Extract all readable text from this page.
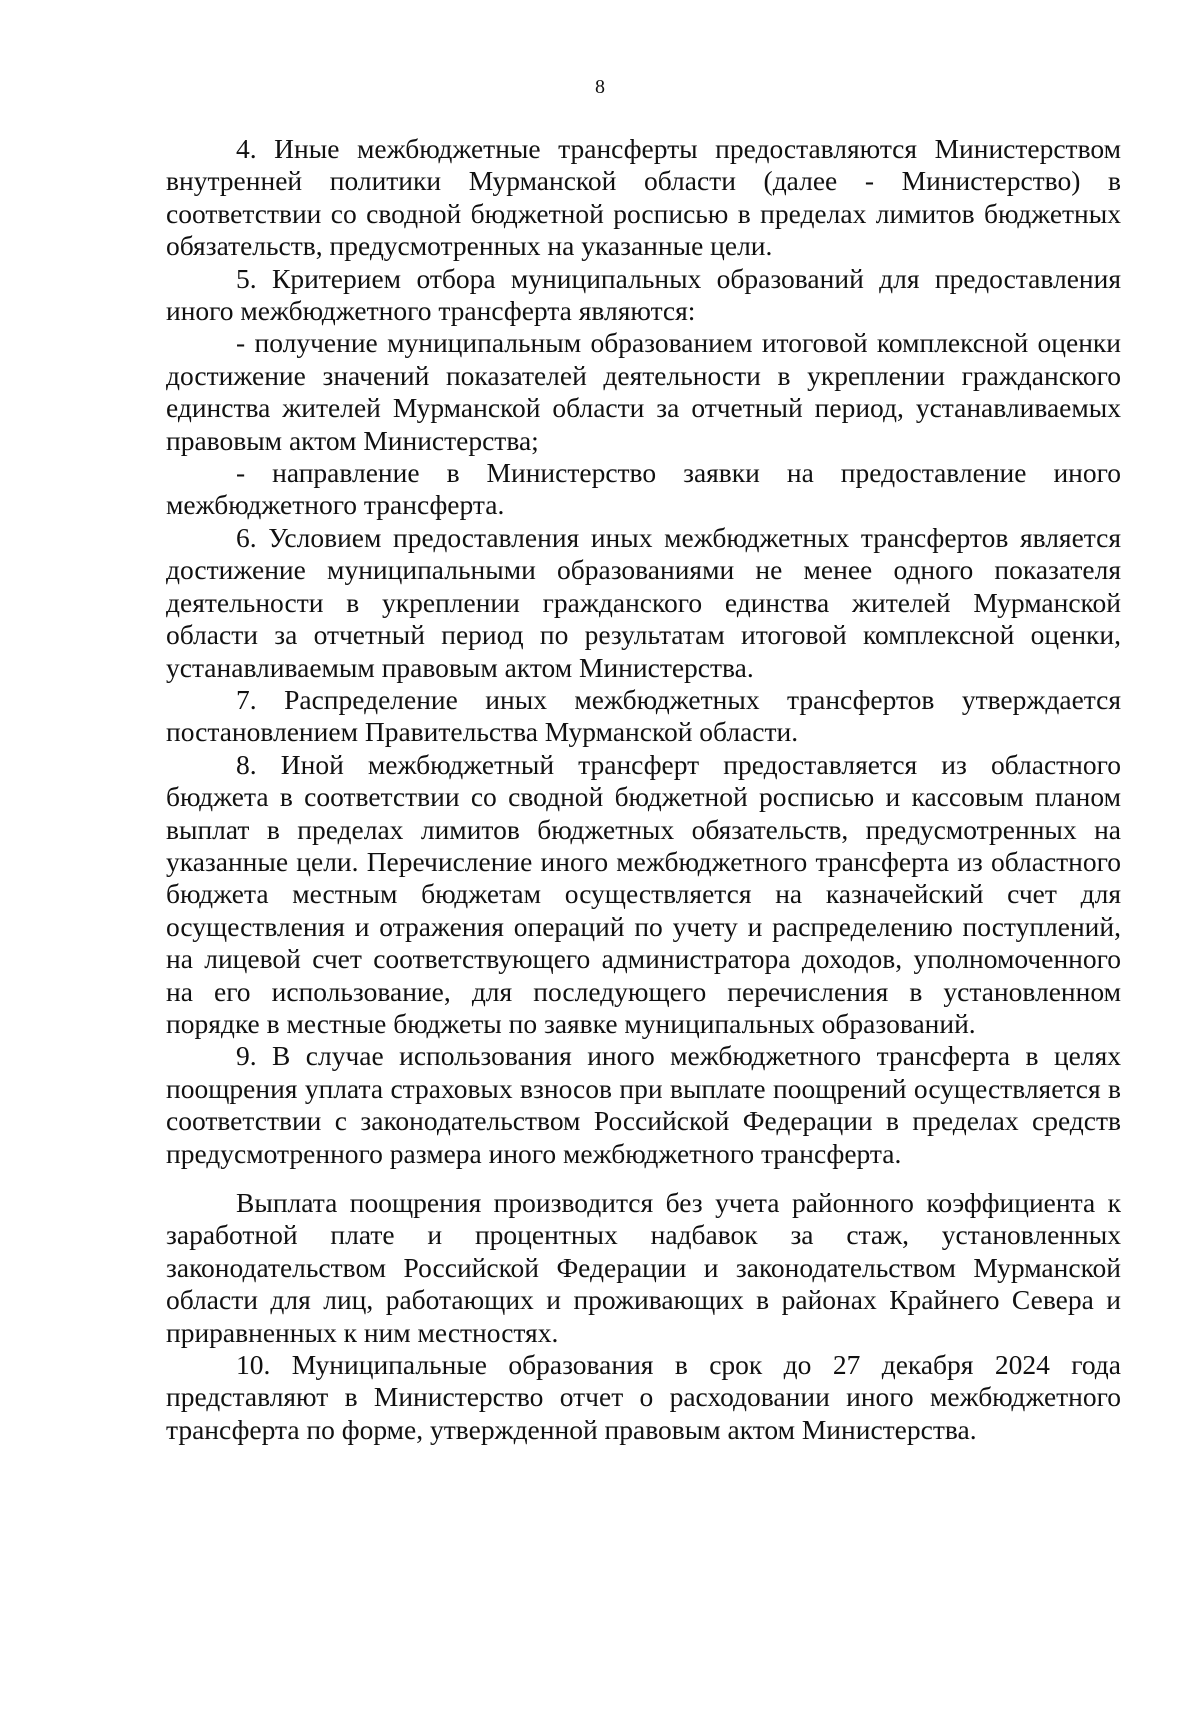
8

4. Иные межбюджетные трансферты предоставляются Министерством внутренней политики Мурманской области (далее - Министерство) в соответствии со сводной бюджетной росписью в пределах лимитов бюджетных обязательств, предусмотренных на указанные цели.

5. Критерием отбора муниципальных образований для предоставления иного межбюджетного трансферта являются:

- получение муниципальным образованием итоговой комплексной оценки достижение значений показателей деятельности в укреплении гражданского единства жителей Мурманской области за отчетный период, устанавливаемых правовым актом Министерства;

- направление в Министерство заявки на предоставление иного межбюджетного трансферта.

6. Условием предоставления иных межбюджетных трансфертов является достижение муниципальными образованиями не менее одного показателя деятельности в укреплении гражданского единства жителей Мурманской области за отчетный период по результатам итоговой комплексной оценки, устанавливаемым правовым актом Министерства.

7. Распределение иных межбюджетных трансфертов утверждается постановлением Правительства Мурманской области.

8. Иной межбюджетный трансферт предоставляется из областного бюджета в соответствии со сводной бюджетной росписью и кассовым планом выплат в пределах лимитов бюджетных обязательств, предусмотренных на указанные цели. Перечисление иного межбюджетного трансферта из областного бюджета местным бюджетам осуществляется на казначейский счет для осуществления и отражения операций по учету и распределению поступлений, на лицевой счет соответствующего администратора доходов, уполномоченного на его использование, для последующего перечисления в установленном порядке в местные бюджеты по заявке муниципальных образований.

9. В случае использования иного межбюджетного трансферта в целях поощрения уплата страховых взносов при выплате поощрений осуществляется в соответствии с законодательством Российской Федерации в пределах средств предусмотренного размера иного межбюджетного трансферта.

Выплата поощрения производится без учета районного коэффициента к заработной плате и процентных надбавок за стаж, установленных законодательством Российской Федерации и законодательством Мурманской области для лиц, работающих и проживающих в районах Крайнего Севера и приравненных к ним местностях.

10. Муниципальные образования в срок до 27 декабря 2024 года представляют в Министерство отчет о расходовании иного межбюджетного трансферта по форме, утвержденной правовым актом Министерства.
